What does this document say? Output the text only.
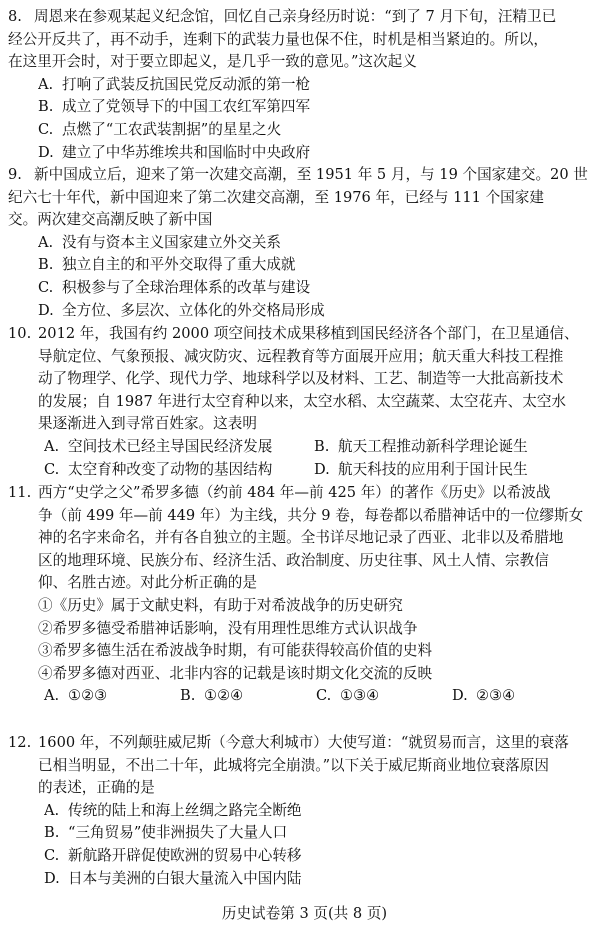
8. 周恩来在参观某起义纪念馆，回忆自己亲身经历时说：“到了 7 月下旬，汪精卫已
经公开反共了，再不动手，连剩下的武装力量也保不住，时机是相当紧迫的。所以，
在这里开会时，对于要立即起义，是几乎一致的意见。”这次起义
A. 打响了武装反抗国民党反动派的第一枪
B. 成立了党领导下的中国工农红军第四军
C. 点燃了“工农武装割据”的星星之火
D. 建立了中华苏维埃共和国临时中央政府
9. 新中国成立后，迎来了第一次建交高潮，至 1951 年 5 月，与 19 个国家建交。20 世
纪六七十年代，新中国迎来了第二次建交高潮，至 1976 年，已经与 111 个国家建
交。两次建交高潮反映了新中国
A. 没有与资本主义国家建立外交关系
B. 独立自主的和平外交取得了重大成就
C. 积极参与了全球治理体系的改革与建设
D. 全方位、多层次、立体化的外交格局形成
10. 2012 年，我国有约 2000 项空间技术成果移植到国民经济各个部门，在卫星通信、
导航定位、气象预报、减灾防灾、远程教育等方面展开应用；航天重大科技工程推
动了物理学、化学、现代力学、地球科学以及材料、工艺、制造等一大批高新技术
的发展；自 1987 年进行太空育种以来，太空水稻、太空蔬菜、太空花卉、太空水
果逐渐进入到寻常百姓家。这表明
A. 空间技术已经主导国民经济发展	B. 航天工程推动新科学理论诞生
C. 太空育种改变了动物的基因结构	D. 航天科技的应用利于国计民生
11. 西方“史学之父”希罗多德（约前 484 年—前 425 年）的著作《历史》以希波战
争（前 499 年—前 449 年）为主线，共分 9 卷，每卷都以希腊神话中的一位缪斯女
神的名字来命名，并有各自独立的主题。全书详尽地记录了西亚、北非以及希腊地
区的地理环境、民族分布、经济生活、政治制度、历史往事、风土人情、宗教信
仰、名胜古迹。对此分析正确的是
①《历史》属于文献史料，有助于对希波战争的历史研究
②希罗多德受希腊神话影响，没有用理性思维方式认识战争
③希罗多德生活在希波战争时期，有可能获得较高价值的史料
④希罗多德对西亚、北非内容的记载是该时期文化交流的反映
A. ①②③	B. ①②④	C. ①③④	D. ②③④
12. 1600 年，不列颠驻威尼斯（今意大利城市）大使写道：“就贸易而言，这里的衰落
已相当明显，不出二十年，此城将完全崩溃。”以下关于威尼斯商业地位衰落原因
的表述，正确的是
A. 传统的陆上和海上丝绸之路完全断绝
B. “三角贸易”使非洲损失了大量人口
C. 新航路开辟促使欧洲的贸易中心转移
D. 日本与美洲的白银大量流入中国内陆
历史试卷第 3 页(共 8 页)
